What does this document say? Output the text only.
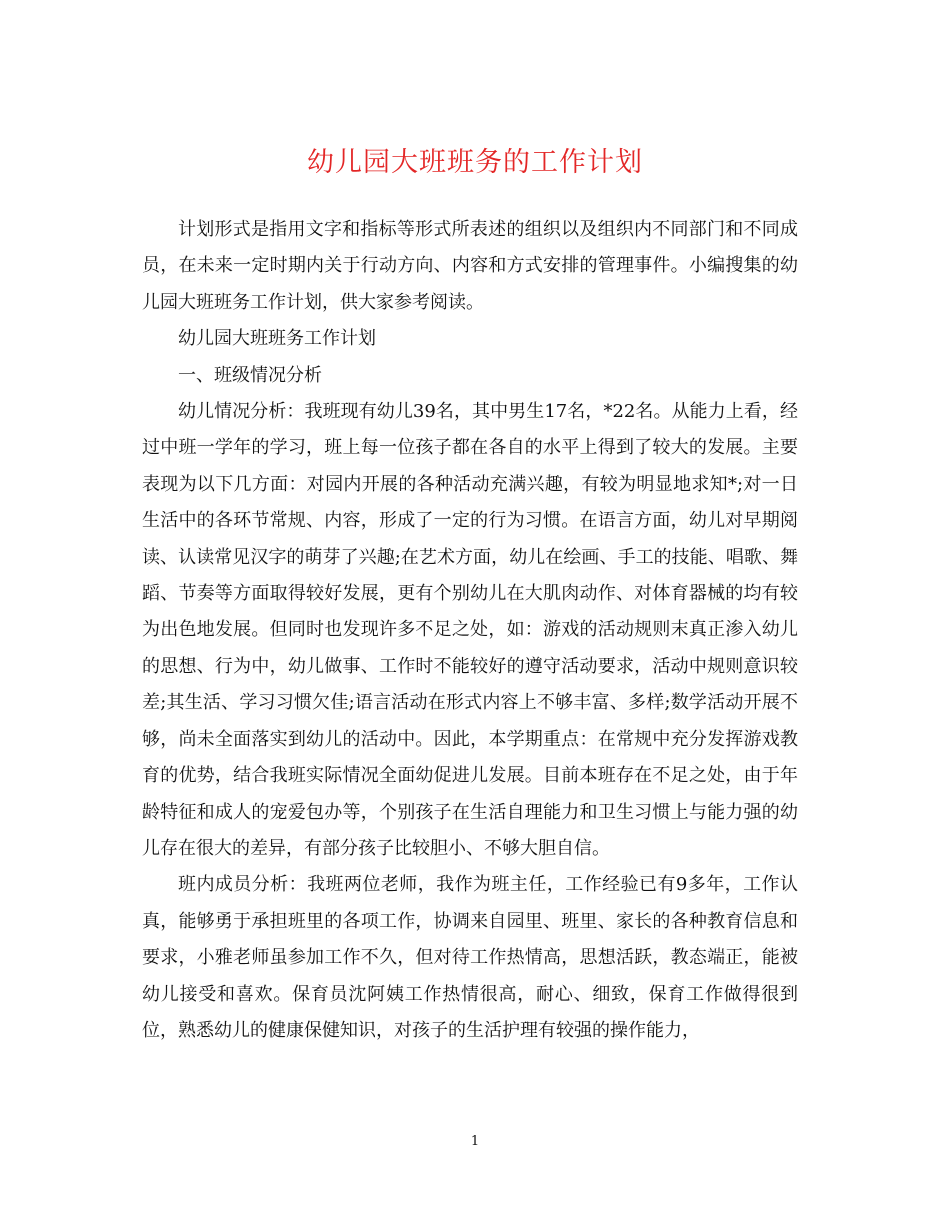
幼儿园大班班务的工作计划

计划形式是指用文字和指标等形式所表述的组织以及组织内不同部门和不同成员，在未来一定时期内关于行动方向、内容和方式安排的管理事件。小编搜集的幼儿园大班班务工作计划，供大家参考阅读。

幼儿园大班班务工作计划

一、班级情况分析

幼儿情况分析：我班现有幼儿39名，其中男生17名，*22名。从能力上看，经过中班一学年的学习，班上每一位孩子都在各自的水平上得到了较大的发展。主要表现为以下几方面：对园内开展的各种活动充满兴趣，有较为明显地求知*;对一日生活中的各环节常规、内容，形成了一定的行为习惯。在语言方面，幼儿对早期阅读、认读常见汉字的萌芽了兴趣;在艺术方面，幼儿在绘画、手工的技能、唱歌、舞蹈、节奏等方面取得较好发展，更有个别幼儿在大肌肉动作、对体育器械的均有较为出色地发展。但同时也发现许多不足之处，如：游戏的活动规则末真正渗入幼儿的思想、行为中，幼儿做事、工作时不能较好的遵守活动要求，活动中规则意识较差;其生活、学习习惯欠佳;语言活动在形式内容上不够丰富、多样;数学活动开展不够，尚未全面落实到幼儿的活动中。因此，本学期重点：在常规中充分发挥游戏教育的优势，结合我班实际情况全面幼促进儿发展。目前本班存在不足之处，由于年龄特征和成人的宠爱包办等，个别孩子在生活自理能力和卫生习惯上与能力强的幼儿存在很大的差异，有部分孩子比较胆小、不够大胆自信。

班内成员分析：我班两位老师，我作为班主任，工作经验已有9多年，工作认真，能够勇于承担班里的各项工作，协调来自园里、班里、家长的各种教育信息和要求，小雅老师虽参加工作不久，但对待工作热情高，思想活跃，教态端正，能被幼儿接受和喜欢。保育员沈阿姨工作热情很高，耐心、细致，保育工作做得很到位，熟悉幼儿的健康保健知识，对孩子的生活护理有较强的操作能力，

1
